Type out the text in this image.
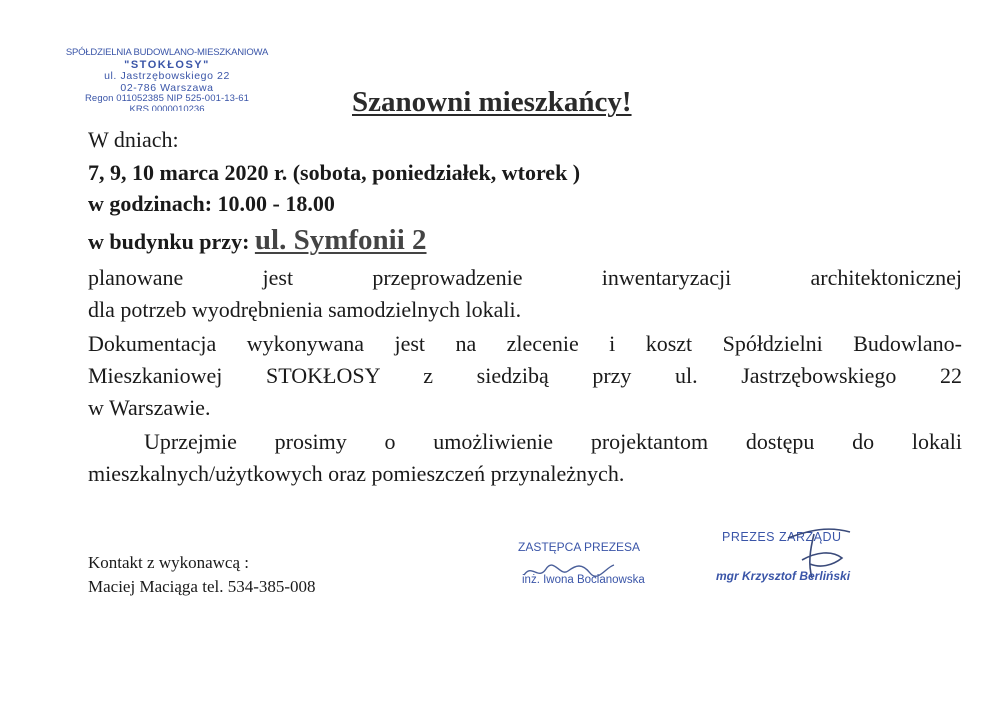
SPÓŁDZIELNIA BUDOWLANO-MIESZKANIOWA
"STOKŁOSY"
ul. Jastrzębowskiego 22
02-786 Warszawa
Regon 011052385 NIP 525-001-13-61
KRS 0000010236	Szanowni mieszkańcy!
W dniach:
7, 9, 10 marca 2020 r. (sobota, poniedziałek, wtorek )
w godzinach: 10.00 - 18.00
w budynku przy: ul. Symfonii 2
planowane jest przeprowadzenie inwentaryzacji architektonicznej
dla potrzeb wyodrębnienia samodzielnych lokali.
Dokumentacja wykonywana jest na zlecenie i koszt Spółdzielni Budowlano-
Mieszkaniowej STOKŁOSY z siedzibą przy ul. Jastrzębowskiego 22
w Warszawie.
Uprzejmie prosimy o umożliwienie projektantom dostępu do lokali
mieszkalnych/użytkowych oraz pomieszczeń przynależnych.
Kontakt z wykonawcą :
Maciej Maciąga tel. 534-385-008
ZASTĘPCA PREZESA
inż. Iwona Bocianowska
PREZES ZARZĄDU
mgr Krzysztof Berliński
